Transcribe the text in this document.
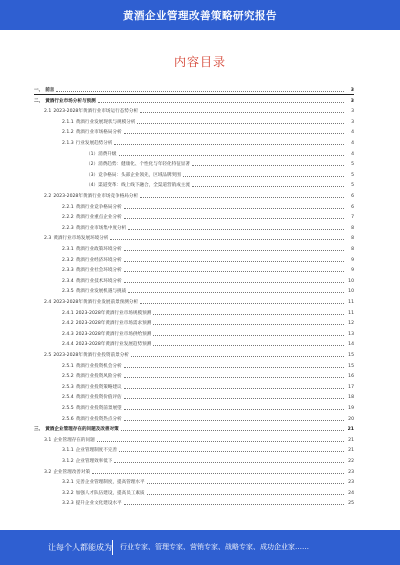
黄酒企业管理改善策略研究报告
内容目录
一、 前言	3
二、 黄酒行业市场分析与预测	3
2.1 2023-2028年黄酒行业市场运行态势分析	3
2.1.1 黄酒行业发展现状与规模分析	3
2.1.2 黄酒行业市场格局分析	4
2.1.3 行业发展趋势分析	4
（1）消费升级	4
（2）消费趋势：健康化、个性化与年轻化特征显著	5
（3）竞争格局：头部企业领先，区域品牌突围	5
（4）渠道变革：线上线下融合，全渠道营销成主流	5
2.2 2023-2028年黄酒行业市场竞争格局分析	6
2.2.1 黄酒行业竞争格局分析	6
2.2.2 黄酒行业重点企业分析	7
2.2.3 黄酒行业市场集中度分析	8
2.3 黄酒行业市场发展环境分析	8
2.3.1 黄酒行业政策环境分析	8
2.3.2 黄酒行业经济环境分析	9
2.3.3 黄酒行业社会环境分析	9
2.3.4 黄酒行业技术环境分析	10
2.3.5 黄酒行业发展机遇与挑战	10
2.4 2023-2028年黄酒行业发展前景预测分析	11
2.4.1 2023-2028年黄酒行业市场规模预测	11
2.4.2 2023-2028年黄酒行业市场需求预测	12
2.4.3 2023-2028年黄酒行业市场供给预测	13
2.4.4 2023-2028年黄酒行业发展趋势预测	14
2.5 2023-2028年黄酒行业投资前景分析	15
2.5.1 黄酒行业投资机会分析	15
2.5.2 黄酒行业投资风险分析	16
2.5.3 黄酒行业投资策略建议	17
2.5.4 黄酒行业投资价值评估	18
2.5.5 黄酒行业投资前景展望	19
2.5.6 黄酒行业投资热点分析	20
三、 黄酒企业管理存在的问题及改善对策	21
3.1 企业管理存在的问题	21
3.1.1 企业管理制度不完善	21
3.1.2 企业管理效率低下	22
3.2 企业管理改善对策	23
3.2.1 完善企业管理制度，提高管理水平	23
3.2.2 加强人才队伍建设，提高员工素质	24
3.2.3 提升企业文化建设水平	25
让每个人都能成为 行业专家、管理专家、营销专家、战略专家、成功企业家……
